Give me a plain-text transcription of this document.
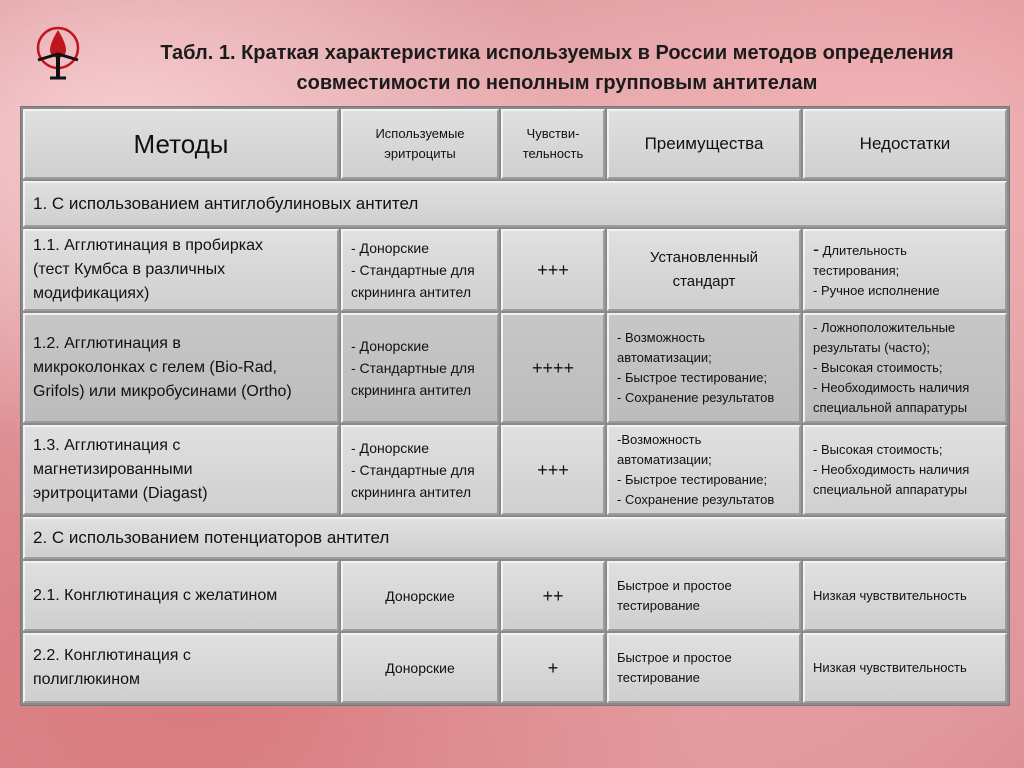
Табл. 1. Краткая характеристика используемых в России методов определения
совместимости по неполным групповым антителам
Методы	Используемые
эритроциты	Чувстви-
тельность	Преимущества	Недостатки
1. С использованием антиглобулиновых антител				

1.1. Агглютинация в пробирках
(тест Кумбса в различных
модификациях)	- Донорские
- Стандартные для
скрининга антител	+++	Установленный
стандарт	- Длительность
тестирования;
- Ручное исполнение

1.2. Агглютинация в
микроколонках с гелем (Bio-Rad,
Grifols) или микробусинами (Ortho)	- Донорские
- Стандартные для
скрининга антител	++++	- Возможность
автоматизации;
- Быстрое тестирование;
- Сохранение результатов	- Ложноположительные
результаты (часто);
- Высокая стоимость;
- Необходимость наличия
специальной аппаратуры

1.3. Агглютинация с
магнетизированными
эритроцитами (Diagast)	- Донорские
- Стандартные для
скрининга антител	+++	-Возможность
автоматизации;
- Быстрое тестирование;
- Сохранение результатов	- Высокая стоимость;
- Необходимость наличия
специальной аппаратуры

2. С использованием потенциаторов антител				

2.1. Конглютинация с желатином	Донорские	++	Быстрое и простое
тестирование	Низкая чувствительность

2.2. Конглютинация с
полиглюкином	Донорские	+	Быстрое и простое
тестирование	Низкая чувствительность
